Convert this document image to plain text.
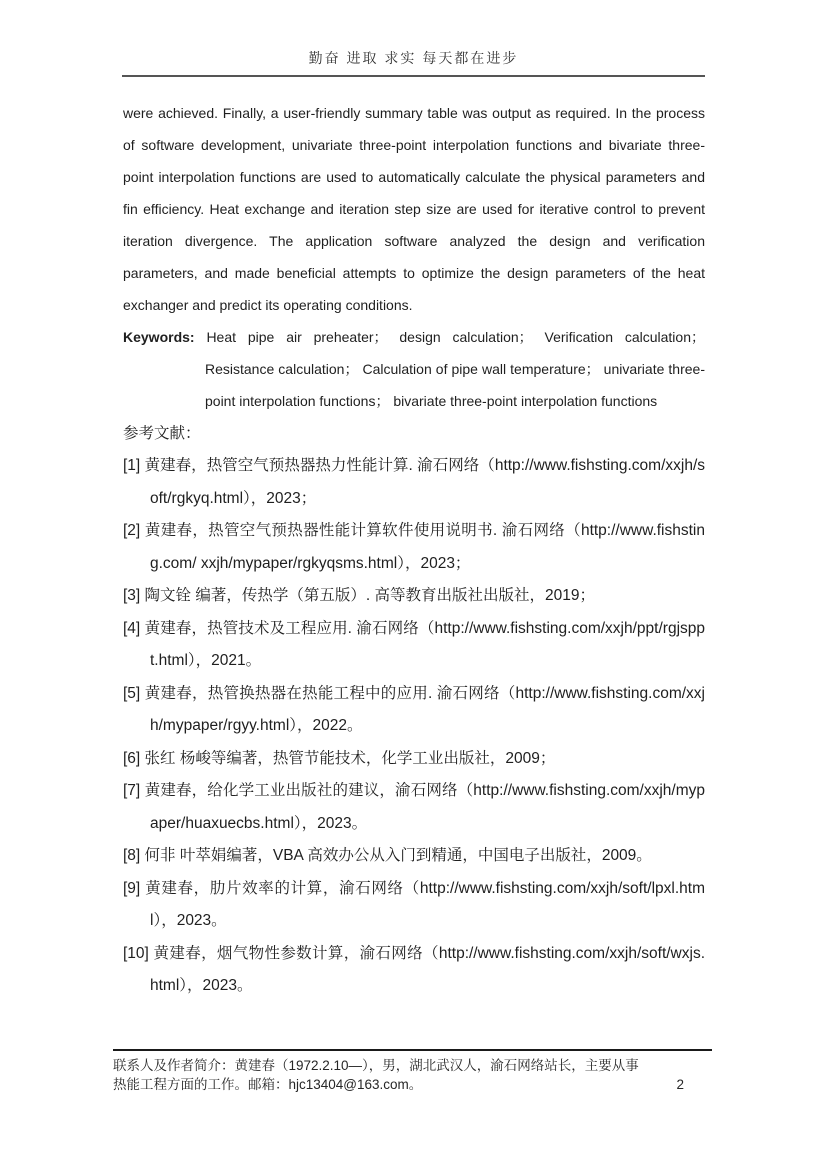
勤奋 进取 求实 每天都在进步

were achieved. Finally, a user-friendly summary table was output as required. In the process of software development, univariate three-point interpolation functions and bivariate three-point interpolation functions are used to automatically calculate the physical parameters and fin efficiency. Heat exchange and iteration step size are used for iterative control to prevent iteration divergence. The application software analyzed the design and verification parameters, and made beneficial attempts to optimize the design parameters of the heat exchanger and predict its operating conditions.

Keywords: Heat pipe air preheater； design calculation； Verification calculation； Resistance calculation； Calculation of pipe wall temperature； univariate three-point interpolation functions； bivariate three-point interpolation functions

参考文献：
[1] 黄建春，热管空气预热器热力性能计算. 渝石网络（http://www.fishsting.com/xxjh/soft/rgkyq.html），2023；
[2] 黄建春，热管空气预热器性能计算软件使用说明书. 渝石网络（http://www.fishsting.com/ xxjh/mypaper/rgkyqsms.html），2023；
[3] 陶文铨 编著，传热学（第五版）. 高等教育出版社出版社，2019；
[4] 黄建春，热管技术及工程应用. 渝石网络（http://www.fishsting.com/xxjh/ppt/rgjsppt.html），2021。
[5] 黄建春，热管换热器在热能工程中的应用. 渝石网络（http://www.fishsting.com/xxjh/mypaper/rgyy.html），2022。
[6] 张红 杨峻等编著，热管节能技术，化学工业出版社，2009；
[7] 黄建春，给化学工业出版社的建议，渝石网络（http://www.fishsting.com/xxjh/mypaper/huaxuecbs.html），2023。
[8] 何非 叶萃娟编著，VBA 高效办公从入门到精通，中国电子出版社，2009。
[9] 黄建春，肋片效率的计算，渝石网络（http://www.fishsting.com/xxjh/soft/lpxl.html），2023。
[10] 黄建春，烟气物性参数计算，渝石网络（http://www.fishsting.com/xxjh/soft/wxjs.html），2023。
联系人及作者简介：黄建春（1972.2.10—），男，湖北武汉人，渝石网络站长，主要从事
热能工程方面的工作。邮箱：hjc13404@163.com。	2
